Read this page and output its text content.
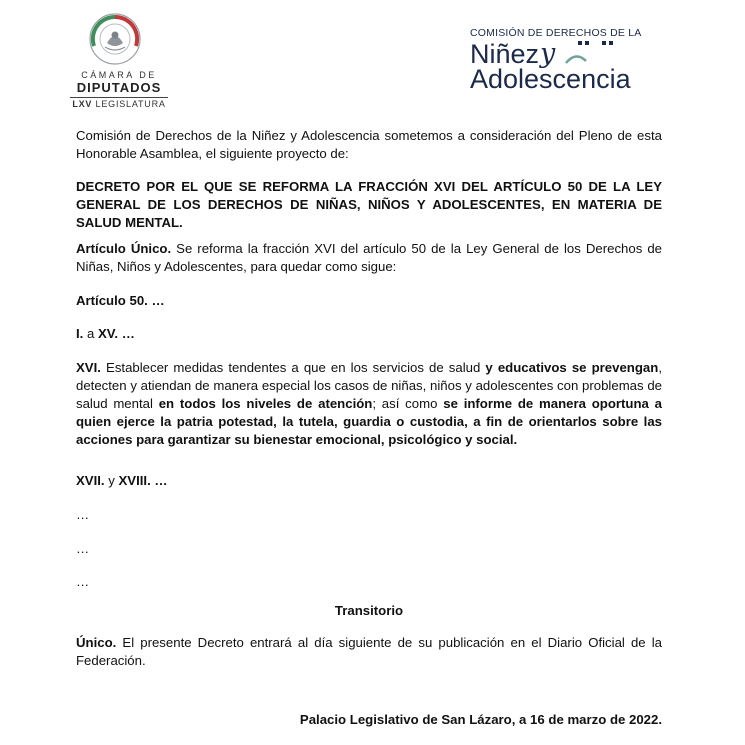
CÁMARA DE
DIPUTADOS
LXV LEGISLATURA
COMISIÓN DE DERECHOS DE LA
Niñez y
Adolescencia
Comisión de Derechos de la Niñez y Adolescencia sometemos a consideración del Pleno de esta Honorable Asamblea, el siguiente proyecto de:
DECRETO POR EL QUE SE REFORMA LA FRACCIÓN XVI DEL ARTÍCULO 50 DE LA LEY GENERAL DE LOS DERECHOS DE NIÑAS, NIÑOS Y ADOLESCENTES, EN MATERIA DE SALUD MENTAL.
Artículo Único. Se reforma la fracción XVI del artículo 50 de la Ley General de los Derechos de Niñas, Niños y Adolescentes, para quedar como sigue:
Artículo 50. …
I. a XV. …
XVI. Establecer medidas tendentes a que en los servicios de salud y educativos se prevengan, detecten y atiendan de manera especial los casos de niñas, niños y adolescentes con problemas de salud mental en todos los niveles de atención; así como se informe de manera oportuna a quien ejerce la patria potestad, la tutela, guardia o custodia, a fin de orientarlos sobre las acciones para garantizar su bienestar emocional, psicológico y social.
XVII. y XVIII. …
…
…
…
Transitorio
Único. El presente Decreto entrará al día siguiente de su publicación en el Diario Oficial de la Federación.
Palacio Legislativo de San Lázaro, a 16 de marzo de 2022.
